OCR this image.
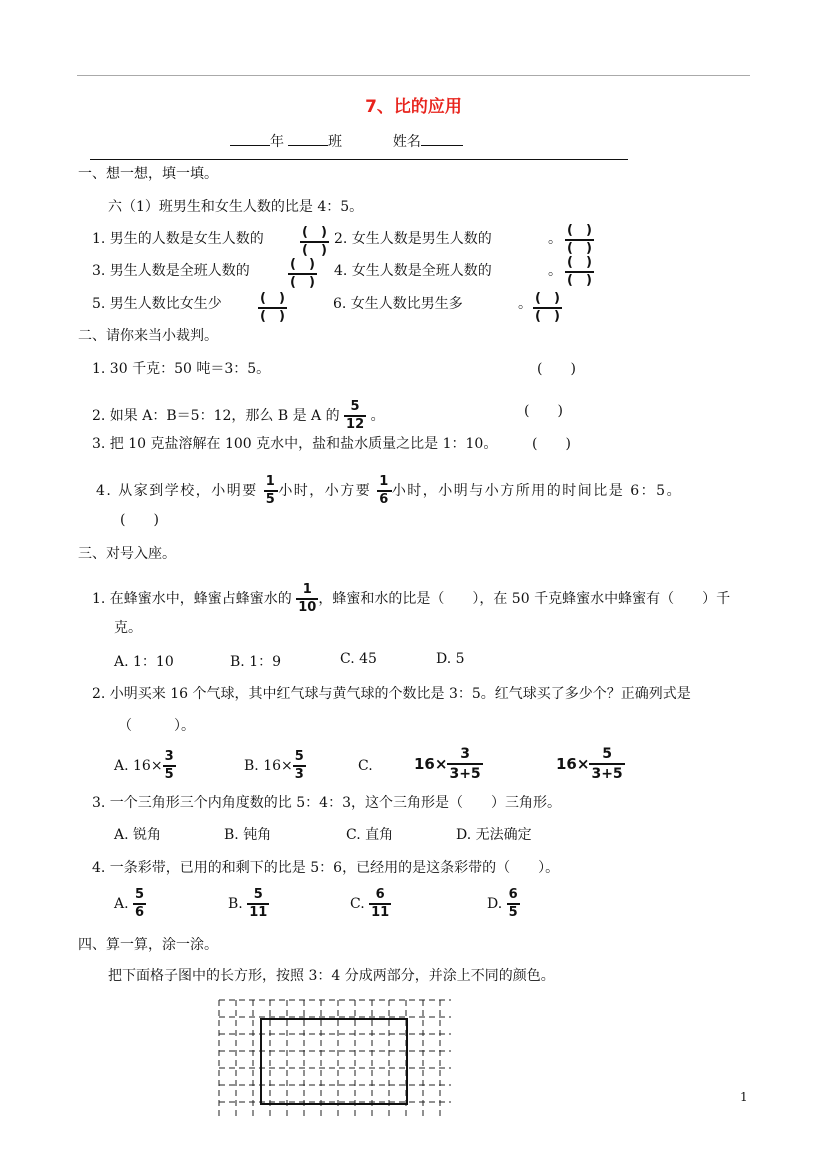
7、比的应用
年	班	姓名
一、想一想，填一填。
六（1）班男生和女生人数的比是 4：5。
1. 男生的人数是女生人数的	$\frac{( )}{( )} 2$. 女生人数是男生人数的	。 $\frac{( )}{( )}$
3. 男生人数是全班人数的	$\frac{( )}{( )} 4$. 女生人数是全班人数的	。 $\frac{( )}{( )}$
5. 男生人数比女生少	$\frac{( )}{( )}$	6. 女生人数比男生多	。 $\frac{( )}{( )}$
二、请你来当小裁判。
1. 30 千克：50 吨＝3：5。	(　　)
2. 如果 A：B＝5：12，那么 B 是 A 的 $\frac{5}{12}$ 。	(　　)
3. 把 10 克盐溶解在 100 克水中，盐和盐水质量之比是 1：10。 (　　)
4. 从家到学校，小明要 $\frac{1}{5}$ 小时，小方要 $\frac{1}{6}$ 小时，小明与小方所用的时间比是 6：5。
(　　)
三、对号入座。
1. 在蜂蜜水中，蜂蜜占蜂蜜水的 $\frac{1}{10}$ ，蜂蜜和水的比是（　　），在 50 千克蜂蜜水中蜂蜜有（　　）千
克。
A. 1：10	B. 1：9	C. 45	D. 5
2. 小明买来 16 个气球，其中红气球与黄气球的个数比是 3：5。红气球买了多少个？正确列式是
（　　　）。
A. $16\times \frac{3}{5}$	B. $16\times \frac{5}{3}$	C.	$16\times \frac{3}{3+5}$	$16\times \frac{5}{3+5}$
3. 一个三角形三个内角度数的比 5：4：3，这个三角形是（　　）三角形。
A. 锐角	B. 钝角	C. 直角	D. 无法确定
4. 一条彩带，已用的和剩下的比是 5：6，已经用的是这条彩带的（　　）。
A. $\frac{5}{6}$	B. $\frac{5}{11}$	C. $\frac{6}{11}$	D. $\frac{6}{5}$
四、算一算，涂一涂。
把下面格子图中的长方形，按照 3：4 分成两部分，并涂上不同的颜色。
1
